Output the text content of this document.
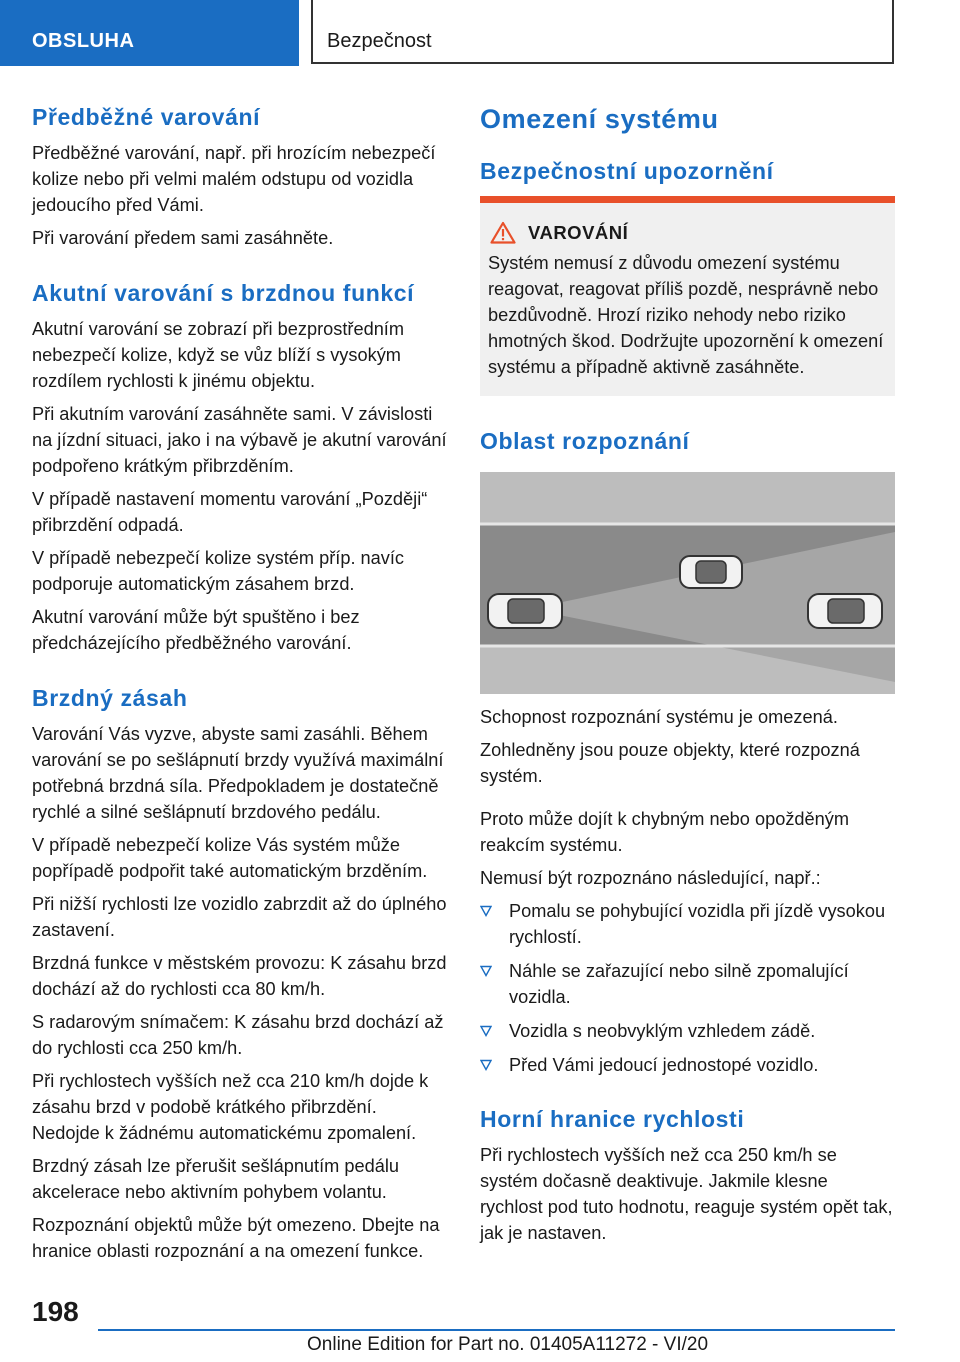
OBSLUHA	Bezpečnost
Předběžné varování

Předběžné varování, např. při hrozícím nebezpečí kolize nebo při velmi malém odstupu od vozidla jedoucího před Vámi.

Při varování předem sami zasáhněte.

Akutní varování s brzdnou funkcí

Akutní varování se zobrazí při bezprostředním nebezpečí kolize, když se vůz blíží s vysokým rozdílem rychlosti k jinému objektu.

Při akutním varování zasáhněte sami. V závislosti na jízdní situaci, jako i na výbavě je akutní varování podpořeno krátkým přibrzděním.

V případě nastavení momentu varování „Později“ přibrzdění odpadá.

V případě nebezpečí kolize systém příp. navíc podporuje automatickým zásahem brzd.

Akutní varování může být spuštěno i bez předcházejícího předběžného varování.

Brzdný zásah

Varování Vás vyzve, abyste sami zasáhli. Během varování se po sešlápnutí brzdy využívá maximální potřebná brzdná síla. Předpokladem je dostatečně rychlé a silné sešlápnutí brzdového pedálu.

V případě nebezpečí kolize Vás systém může popřípadě podpořit také automatickým brzděním.

Při nižší rychlosti lze vozidlo zabrzdit až do úplného zastavení.

Brzdná funkce v městském provozu: K zásahu brzd dochází až do rychlosti cca 80 km/h.

S radarovým snímačem: K zásahu brzd dochází až do rychlosti cca 250 km/h.

Při rychlostech vyšších než cca 210 km/h dojde k zásahu brzd v podobě krátkého přibrzdění. Nedojde k žádnému automatickému zpomalení.

Brzdný zásah lze přerušit sešlápnutím pedálu akcelerace nebo aktivním pohybem volantu.

Rozpoznání objektů může být omezeno. Dbejte na hranice oblasti rozpoznání a na omezení funkce.

Omezení systému
Bezpečnostní upozornění
VAROVÁNÍ

Systém nemusí z důvodu omezení systému reagovat, reagovat příliš pozdě, nesprávně nebo bezdůvodně. Hrozí riziko nehody nebo riziko hmotných škod. Dodržujte upozornění k omezení systému a případně aktivně zasáhněte.

Oblast rozpoznání

Schopnost rozpoznání systému je omezená.

Zohledněny jsou pouze objekty, které rozpozná systém.

Proto může dojít k chybným nebo opožděným reakcím systému.

Nemusí být rozpoznáno následující, např.:

Pomalu se pohybující vozidla při jízdě vysokou rychlostí.
Náhle se zařazující nebo silně zpomalující vozidla.
Vozidla s neobvyklým vzhledem zádě.
Před Vámi jedoucí jednostopé vozidlo.
Horní hranice rychlosti

Při rychlostech vyšších než cca 250 km/h se systém dočasně deaktivuje. Jakmile klesne rychlost pod tuto hodnotu, reaguje systém opět tak, jak je nastaven.

198
Online Edition for Part no. 01405A11272 - VI/20
